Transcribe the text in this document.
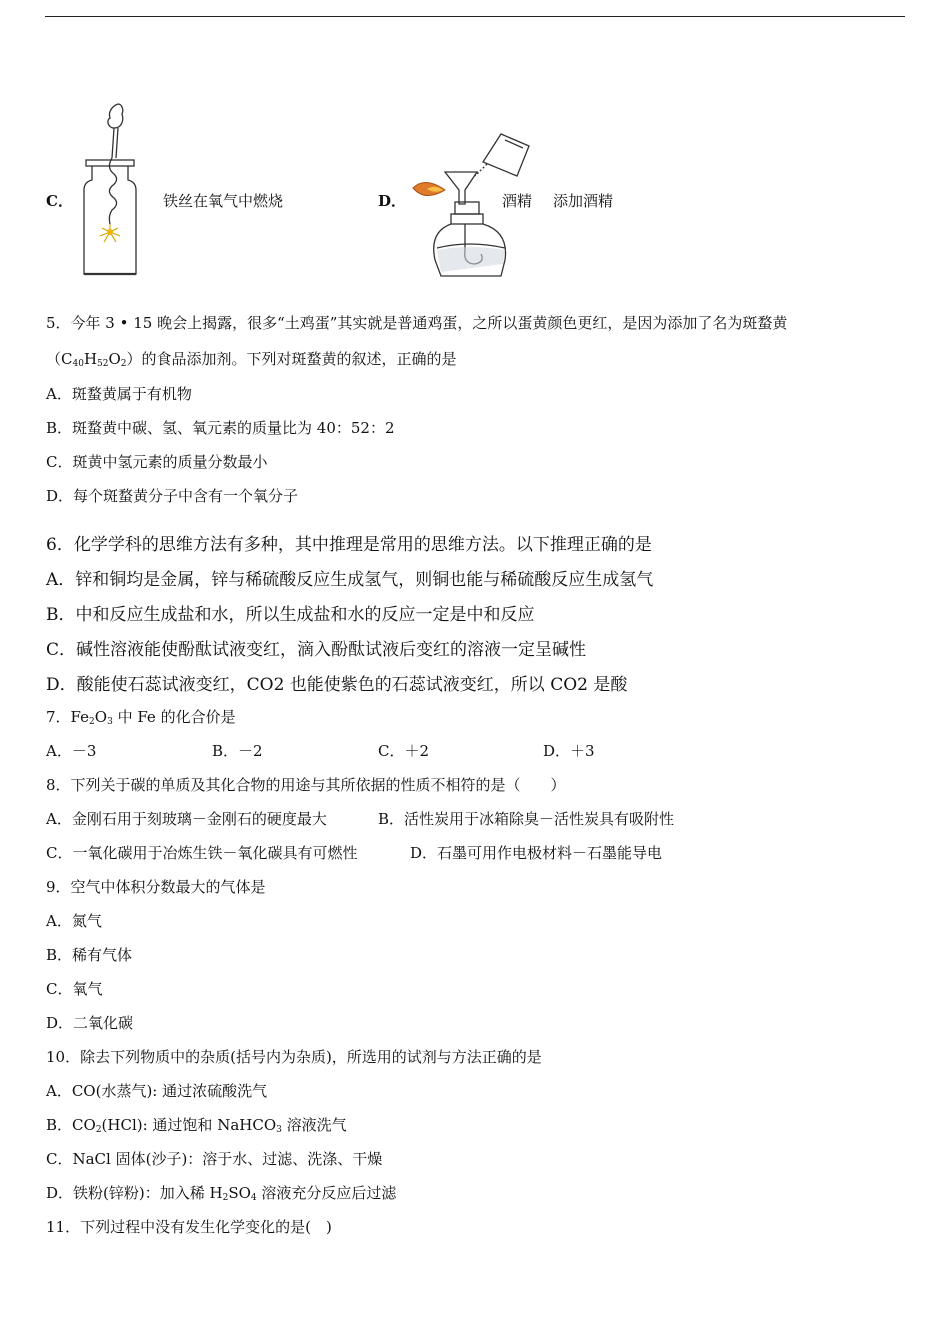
C．	铁丝在氧气中燃烧	D．	酒精 添加酒精
5．今年 3 • 15 晚会上揭露，很多“土鸡蛋”其实就是普通鸡蛋，之所以蛋黄颜色更红，是因为添加了名为斑蝥黄
$(C_{40}H_{52}O_2)$的食品添加剂。下列对斑蝥黄的叙述，正确的是
A．斑蝥黄属于有机物
B．斑蝥黄中碳、氢、氧元素的质量比为 40：52：2
C．斑黄中氢元素的质量分数最小
D．每个斑蝥黄分子中含有一个氧分子
6．化学学科的思维方法有多种，其中推理是常用的思维方法。以下推理正确的是
A．锌和铜均是金属，锌与稀硫酸反应生成氢气，则铜也能与稀硫酸反应生成氢气
B．中和反应生成盐和水，所以生成盐和水的反应一定是中和反应
C．碱性溶液能使酚酞试液变红，滴入酚酞试液后变红的溶液一定呈碱性
D．酸能使石蕊试液变红，CO2 也能使紫色的石蕊试液变红，所以 CO2 是酸
7．$Fe_2O_3$ 中 Fe 的化合价是
A．－3	B．－2	C．＋2	D．＋3
8．下列关于碳的单质及其化合物的用途与其所依据的性质不相符的是（　　）
A．金刚石用于刻玻璃－金刚石的硬度最大	B．活性炭用于冰箱除臭－活性炭具有吸附性
C．一氧化碳用于冶炼生铁－氧化碳具有可燃性	D．石墨可用作电极材料－石墨能导电
9．空气中体积分数最大的气体是
A．氮气
B．稀有气体
C．氧气
D．二氧化碳
10．除去下列物质中的杂质(括号内为杂质)，所选用的试剂与方法正确的是
A．CO(水蒸气): 通过浓硫酸洗气
B．$CO_2(HCl)$: 通过饱和 NaHCO$_3$ 溶液洗气
C．NaCl 固体(沙子)：溶于水、过滤、洗涤、干燥
D．铁粉(锌粉)：加入稀 $H_2SO_4$ 溶液充分反应后过滤
11．下列过程中没有发生化学变化的是(　)
